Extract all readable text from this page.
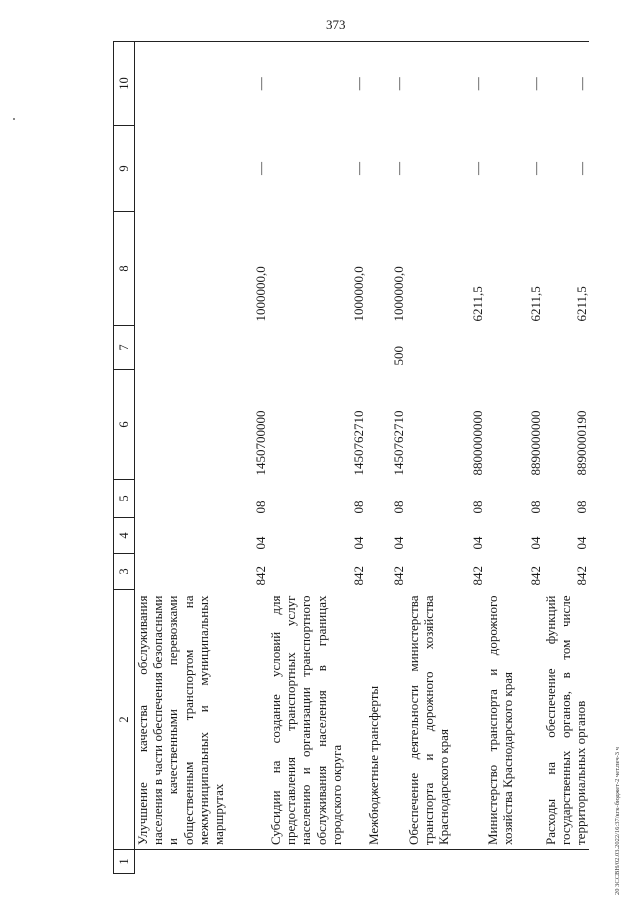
373
20 3ССBH/02.03.2022/16:37/кгк-бюджет-2 чет.печ-3 ч
1	2	3	4	5	6	7	8	9	10
	Улучшение качества обслуживания населения в части обеспечения безопасными и качественными перевозками общественным транспортом на межмуниципальных и муниципальных маршрутах	842	04	08	1450700000		1000000,0	—	—

	Субсидии на создание условий для предоставления транспортных услуг населению и организации транспортного обслуживания населения в границах городского округа	842	04	08	1450762710		1000000,0	—	—

	Межбюджетные трансферты	842	04	08	1450762710	500	1000000,0	—	—

	Обеспечение деятельности министерства транспорта и дорожного хозяйства Краснодарского края	842	04	08	8800000000		6211,5	—	—

	Министерство транспорта и дорожного хозяйства Краснодарского края	842	04	08	8890000000		6211,5	—	—

	Расходы на обеспечение функций государственных органов, в том числе территориальных органов	842	04	08	8890000190		6211,5	—	—
